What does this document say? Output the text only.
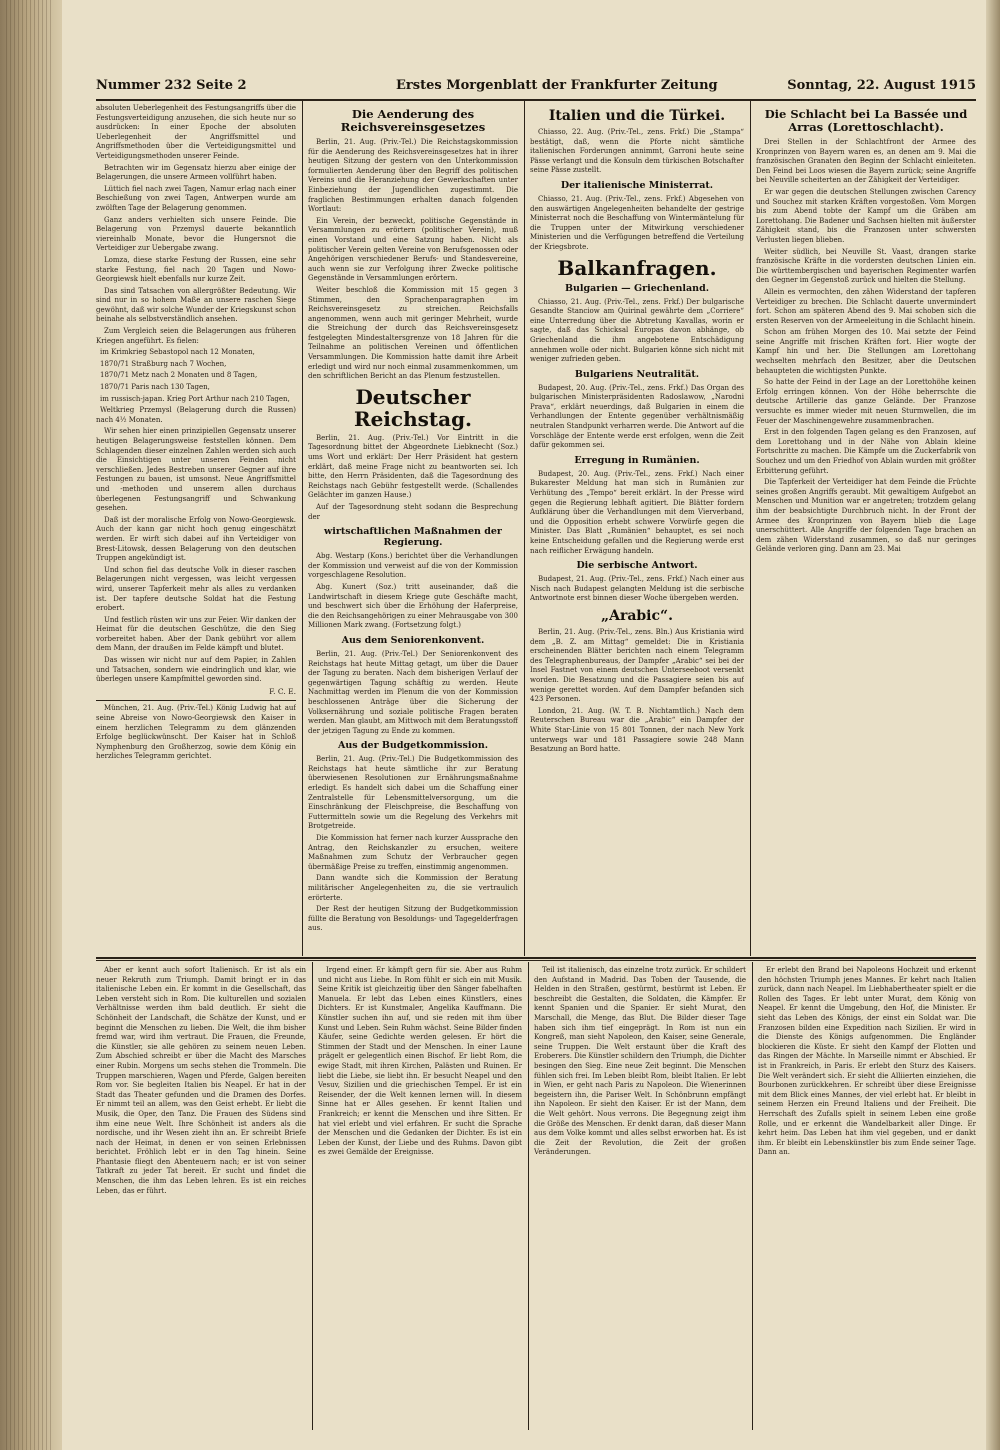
Nummer 232 Seite 2	Erstes Morgenblatt der Frankfurter Zeitung	Sonntag, 22. August 1915

absoluten Ueberlegenheit des Festungsangriffs über die Festungsverteidigung anzusehen, die sich heute nur so ausdrücken: In einer Epoche der absoluten Ueberlegenheit der Angriffsmittel und Angriffsmethoden über die Verteidigungsmittel und Verteidigungsmethoden unserer Feinde.

Betrachten wir im Gegensatz hierzu aber einige der Belagerungen, die unsere Armeen vollführt haben.

Lüttich fiel nach zwei Tagen, Namur erlag nach einer Beschießung von zwei Tagen, Antwerpen wurde am zwölften Tage der Belagerung genommen.

Ganz anders verhielten sich unsere Feinde. Die Belagerung von Przemysl dauerte bekanntlich viereinhalb Monate, bevor die Hungersnot die Verteidiger zur Uebergabe zwang.

Lomza, diese starke Festung der Russen, eine sehr starke Festung, fiel nach 20 Tagen und Nowo-Georgiewsk hielt ebenfalls nur kurze Zeit.

Das sind Tatsachen von allergrößter Bedeutung. Wir sind nur in so hohem Maße an unsere raschen Siege gewöhnt, daß wir solche Wunder der Kriegskunst schon beinahe als selbstverständlich ansehen.

Zum Vergleich seien die Belagerungen aus früheren Kriegen angeführt. Es fielen:

im Krimkrieg Sebastopol nach 12 Monaten,

1870/71 Straßburg nach 7 Wochen,

1870/71 Metz nach 2 Monaten und 8 Tagen,

1870/71 Paris nach 130 Tagen,

im russisch-japan. Krieg Port Arthur nach 210 Tagen,

Weltkrieg Przemysl (Belagerung durch die Russen) nach 4½ Monaten.

Wir sehen hier einen prinzipiellen Gegensatz unserer heutigen Belagerungsweise feststellen können. Dem Schlagenden dieser einzelnen Zahlen werden sich auch die Einsichtigen unter unseren Feinden nicht verschließen. Jedes Bestreben unserer Gegner auf ihre Festungen zu bauen, ist umsonst. Neue Angriffsmittel und -methoden und unserem allen durchaus überlegenen Festungsangriff und Schwankung gesehen.

Daß ist der moralische Erfolg von Nowo-Georgiewsk. Auch der kann gar nicht hoch genug eingeschätzt werden. Er wirft sich dabei auf ihn Verteidiger von Brest-Litowsk, dessen Belagerung von den deutschen Truppen angekündigt ist.

Und schon fiel das deutsche Volk in dieser raschen Belagerungen nicht vergessen, was leicht vergessen wird, unserer Tapferkeit mehr als alles zu verdanken ist. Der tapfere deutsche Soldat hat die Festung erobert.

Und festlich rüsten wir uns zur Feier. Wir danken der Heimat für die deutschen Geschütze, die den Sieg vorbereitet haben. Aber der Dank gebührt vor allem dem Mann, der draußen im Felde kämpft und blutet.

Das wissen wir nicht nur auf dem Papier, in Zahlen und Tatsachen, sondern wie eindringlich und klar, wie überlegen unsere Kampfmittel geworden sind.

F. C. E.

München, 21. Aug. (Priv.-Tel.) König Ludwig hat auf seine Abreise von Nowo-Georgiewsk den Kaiser in einem herzlichen Telegramm zu dem glänzenden Erfolge beglückwünscht. Der Kaiser hat in Schloß Nymphenburg den Großherzog, sowie dem König ein herzliches Telegramm gerichtet.

Die Aenderung des Reichsvereinsgesetzes

Berlin, 21. Aug. (Priv.-Tel.) Die Reichstagskommission für die Aenderung des Reichsvereinsgesetzes hat in ihrer heutigen Sitzung der gestern von den Unterkommission formulierten Aenderung über den Begriff des politischen Vereins und die Heranziehung der Gewerkschaften unter Einbeziehung der Jugendlichen zugestimmt. Die fraglichen Bestimmungen erhalten danach folgenden Wortlaut:

Ein Verein, der bezweckt, politische Gegenstände in Versammlungen zu erörtern (politischer Verein), muß einen Vorstand und eine Satzung haben. Nicht als politischer Verein gelten Vereine von Berufsgenossen oder Angehörigen verschiedener Berufs- und Standesvereine, auch wenn sie zur Verfolgung ihrer Zwecke politische Gegenstände in Versammlungen erörtern.

Weiter beschloß die Kommission mit 15 gegen 3 Stimmen, den Sprachenparagraphen im Reichsvereinsgesetz zu streichen. Reichsfalls angenommen, wenn auch mit geringer Mehrheit, wurde die Streichung der durch das Reichsvereinsgesetz festgelegten Mindestaltersgrenze von 18 Jahren für die Teilnahme an politischen Vereinen und öffentlichen Versammlungen. Die Kommission hatte damit ihre Arbeit erledigt und wird nur noch einmal zusammenkommen, um den schriftlichen Bericht an das Plenum festzustellen.

Deutscher Reichstag.

Berlin, 21. Aug. (Priv.-Tel.) Vor Eintritt in die Tagesordnung bittet der Abgeordnete Liebknecht (Soz.) ums Wort und erklärt: Der Herr Präsident hat gestern erklärt, daß meine Frage nicht zu beantworten sei. Ich bitte, den Herrn Präsidenten, daß die Tagesordnung des Reichstags nach Gebühr festgestellt werde. (Schallendes Gelächter im ganzen Hause.)

Auf der Tagesordnung steht sodann die Besprechung der

wirtschaftlichen Maßnahmen der Regierung.

Abg. Westarp (Kons.) berichtet über die Verhandlungen der Kommission und verweist auf die von der Kommission vorgeschlagene Resolution.

Abg. Kunert (Soz.) tritt auseinander, daß die Landwirtschaft in diesem Kriege gute Geschäfte macht, und beschwert sich über die Erhöhung der Haferpreise, die den Reichsangehörigen zu einer Mehrausgabe von 300 Millionen Mark zwang. (Fortsetzung folgt.)

Aus dem Seniorenkonvent.

Berlin, 21. Aug. (Priv.-Tel.) Der Seniorenkonvent des Reichstags hat heute Mittag getagt, um über die Dauer der Tagung zu beraten. Nach dem bisherigen Verlauf der gegenwärtigen Tagung schäftig zu werden. Heute Nachmittag werden im Plenum die von der Kommission beschlossenen Anträge über die Sicherung der Volksernährung und soziale politische Fragen beraten werden. Man glaubt, am Mittwoch mit dem Beratungsstoff der jetzigen Tagung zu Ende zu kommen.

Aus der Budgetkommission.

Berlin, 21. Aug. (Priv.-Tel.) Die Budgetkommission des Reichstags hat heute sämtliche ihr zur Beratung überwiesenen Resolutionen zur Ernährungsmaßnahme erledigt. Es handelt sich dabei um die Schaffung einer Zentralstelle für Lebensmittelversorgung, um die Einschränkung der Fleischpreise, die Beschaffung von Futtermitteln sowie um die Regelung des Verkehrs mit Brotgetreide.

Die Kommission hat ferner nach kurzer Aussprache den Antrag, den Reichskanzler zu ersuchen, weitere Maßnahmen zum Schutz der Verbraucher gegen übermäßige Preise zu treffen, einstimmig angenommen.

Dann wandte sich die Kommission der Beratung militärischer Angelegenheiten zu, die sie vertraulich erörterte.

Der Rest der heutigen Sitzung der Budgetkommission füllte die Beratung von Besoldungs- und Tagegelderfragen aus.

Italien und die Türkei.

Chiasso, 22. Aug. (Priv.-Tel., zens. Frkf.) Die „Stampa“ bestätigt, daß, wenn die Pforte nicht sämtliche italienischen Forderungen annimmt, Garroni heute seine Pässe verlangt und die Konsuln dem türkischen Botschafter seine Pässe zustellt.

Der italienische Ministerrat.

Chiasso, 21. Aug. (Priv.-Tel., zens. Frkf.) Abgesehen von den auswärtigen Angelegenheiten behandelte der gestrige Ministerrat noch die Beschaffung von Wintermäntelung für die Truppen unter der Mitwirkung verschiedener Ministerien und die Verfügungen betreffend die Verteilung der Kriegsbrote.

Balkanfragen.
Bulgarien — Griechenland.

Chiasso, 21. Aug. (Priv.-Tel., zens. Frkf.) Der bulgarische Gesandte Stanciow am Quirinal gewährte dem „Corriere“ eine Unterredung über die Abtretung Kavallas, worin er sagte, daß das Schicksal Europas davon abhänge, ob Griechenland die ihm angebotene Entschädigung annehmen wolle oder nicht. Bulgarien könne sich nicht mit weniger zufrieden geben.

Bulgariens Neutralität.

Budapest, 20. Aug. (Priv.-Tel., zens. Frkf.) Das Organ des bulgarischen Ministerpräsidenten Radoslawow, „Narodni Prava“, erklärt neuerdings, daß Bulgarien in einem die Verhandlungen der Entente gegenüber verhältnismäßig neutralen Standpunkt verharren werde. Die Antwort auf die Vorschläge der Entente werde erst erfolgen, wenn die Zeit dafür gekommen sei.

Erregung in Rumänien.

Budapest, 20. Aug. (Priv.-Tel., zens. Frkf.) Nach einer Bukarester Meldung hat man sich in Rumänien zur Verhütung des „Tempo“ bereit erklärt. In der Presse wird gegen die Regierung lebhaft agitiert. Die Blätter fordern Aufklärung über die Verhandlungen mit dem Vierverband, und die Opposition erhebt schwere Vorwürfe gegen die Minister. Das Blatt „Rumänien“ behauptet, es sei noch keine Entscheidung gefallen und die Regierung werde erst nach reiflicher Erwägung handeln.

Die serbische Antwort.

Budapest, 21. Aug. (Priv.-Tel., zens. Frkf.) Nach einer aus Nisch nach Budapest gelangten Meldung ist die serbische Antwortnote erst binnen dieser Woche übergeben werden.

„Arabic“.

Berlin, 21. Aug. (Priv.-Tel., zens. Bln.) Aus Kristiania wird dem „B. Z. am Mittag“ gemeldet: Die in Kristiania erscheinenden Blätter berichten nach einem Telegramm des Telegraphenbureaus, der Dampfer „Arabic“ sei bei der Insel Fastnet von einem deutschen Unterseeboot versenkt worden. Die Besatzung und die Passagiere seien bis auf wenige gerettet worden. Auf dem Dampfer befanden sich 423 Personen.

London, 21. Aug. (W. T. B. Nichtamtlich.) Nach dem Reuterschen Bureau war die „Arabic“ ein Dampfer der White Star-Linie von 15 801 Tonnen, der nach New York unterwegs war und 181 Passagiere sowie 248 Mann Besatzung an Bord hatte.

Die Schlacht bei La Bassée und Arras (Lorettoschlacht).

Drei Stellen in der Schlachtfront der Armee des Kronprinzen von Bayern waren es, an denen am 9. Mai die französischen Granaten den Beginn der Schlacht einleiteten. Den Feind bei Loos wiesen die Bayern zurück; seine Angriffe bei Neuville scheiterten an der Zähigkeit der Verteidiger.

Er war gegen die deutschen Stellungen zwischen Carency und Souchez mit starken Kräften vorgestoßen. Vom Morgen bis zum Abend tobte der Kampf um die Gräben am Lorettohang. Die Badener und Sachsen hielten mit äußerster Zähigkeit stand, bis die Franzosen unter schwersten Verlusten liegen blieben.

Weiter südlich, bei Neuville St. Vaast, drangen starke französische Kräfte in die vordersten deutschen Linien ein. Die württembergischen und bayerischen Regimenter warfen den Gegner im Gegenstoß zurück und hielten die Stellung.

Allein es vermochten, den zähen Widerstand der tapferen Verteidiger zu brechen. Die Schlacht dauerte unvermindert fort. Schon am späteren Abend des 9. Mai schoben sich die ersten Reserven von der Armeeleitung in die Schlacht hinein.

Schon am frühen Morgen des 10. Mai setzte der Feind seine Angriffe mit frischen Kräften fort. Hier wogte der Kampf hin und her. Die Stellungen am Lorettohang wechselten mehrfach den Besitzer, aber die Deutschen behaupteten die wichtigsten Punkte.

So hatte der Feind in der Lage an der Lorettohöhe keinen Erfolg erringen können. Von der Höhe beherrschte die deutsche Artillerie das ganze Gelände. Der Franzose versuchte es immer wieder mit neuen Sturmwellen, die im Feuer der Maschinengewehre zusammenbrachen.

Erst in den folgenden Tagen gelang es den Franzosen, auf dem Lorettohang und in der Nähe von Ablain kleine Fortschritte zu machen. Die Kämpfe um die Zuckerfabrik von Souchez und um den Friedhof von Ablain wurden mit größter Erbitterung geführt.

Die Tapferkeit der Verteidiger hat dem Feinde die Früchte seines großen Angriffs geraubt. Mit gewaltigem Aufgebot an Menschen und Munition war er angetreten; trotzdem gelang ihm der beabsichtigte Durchbruch nicht. In der Front der Armee des Kronprinzen von Bayern blieb die Lage unerschüttert. Alle Angriffe der folgenden Tage brachen an dem zähen Widerstand zusammen, so daß nur geringes Gelände verloren ging. Dann am 23. Mai

Aber er kennt auch sofort Italienisch. Er ist als ein neuer Rekruth zum Triumph. Damit bringt er in das italienische Leben ein. Er kommt in die Gesellschaft, das Leben versteht sich in Rom. Die kulturellen und sozialen Verhältnisse werden ihm bald deutlich. Er sieht die Schönheit der Landschaft, die Schätze der Kunst, und er beginnt die Menschen zu lieben. Die Welt, die ihm bisher fremd war, wird ihm vertraut. Die Frauen, die Freunde, die Künstler, sie alle gehören zu seinem neuen Leben. Zum Abschied schreibt er über die Macht des Marsches einer Rubin. Morgens um sechs stehen die Trommeln. Die Truppen marschieren, Wagen und Pferde, Galgen bereiten Rom vor. Sie begleiten Italien bis Neapel. Er hat in der Stadt das Theater gefunden und die Dramen des Dorfes. Er nimmt teil an allem, was den Geist erhebt. Er liebt die Musik, die Oper, den Tanz. Die Frauen des Südens sind ihm eine neue Welt. Ihre Schönheit ist anders als die nordische, und ihr Wesen zieht ihn an. Er schreibt Briefe nach der Heimat, in denen er von seinen Erlebnissen berichtet. Fröhlich lebt er in den Tag hinein. Seine Phantasie fliegt den Abenteuern nach; er ist von seiner Tatkraft zu jeder Tat bereit. Er sucht und findet die Menschen, die ihm das Leben lehren. Es ist ein reiches Leben, das er führt.

Irgend einer. Er kämpft gern für sie. Aber aus Ruhm und nicht aus Liebe. In Rom fühlt er sich ein mit Musik. Seine Kritik ist gleichzeitig über den Sänger fabelhaften Manuela. Er lebt das Leben eines Künstlers, eines Dichters. Er ist Kunstmaler, Angelika Kauffmann. Die Künstler suchen ihn auf, und sie reden mit ihm über Kunst und Leben. Sein Ruhm wächst. Seine Bilder finden Käufer, seine Gedichte werden gelesen. Er hört die Stimmen der Stadt und der Menschen. In einer Laune prägelt er gelegentlich einen Bischof. Er liebt Rom, die ewige Stadt, mit ihren Kirchen, Palästen und Ruinen. Er liebt die Liebe, sie liebt ihn. Er besucht Neapel und den Vesuv, Sizilien und die griechischen Tempel. Er ist ein Reisender, der die Welt kennen lernen will. In diesem Sinne hat er Alles gesehen. Er kennt Italien und Frankreich; er kennt die Menschen und ihre Sitten. Er hat viel erlebt und viel erfahren. Er sucht die Sprache der Menschen und die Gedanken der Dichter. Es ist ein Leben der Kunst, der Liebe und des Ruhms. Davon gibt es zwei Gemälde der Ereignisse.

Teil ist italienisch, das einzelne trotz zurück. Er schildert den Aufstand in Madrid. Das Toben der Tausende, die Helden in den Straßen, gestürmt, bestürmt ist Leben. Er beschreibt die Gestalten, die Soldaten, die Kämpfer. Er kennt Spanien und die Spanier. Er sieht Murat, den Marschall, die Menge, das Blut. Die Bilder dieser Tage haben sich ihm tief eingeprägt. In Rom ist nun ein Kongreß, man sieht Napoleon, den Kaiser, seine Generale, seine Truppen. Die Welt erstaunt über die Kraft des Eroberers. Die Künstler schildern den Triumph, die Dichter besingen den Sieg. Eine neue Zeit beginnt. Die Menschen fühlen sich frei. Im Leben bleibt Rom, bleibt Italien. Er lebt in Wien, er geht nach Paris zu Napoleon. Die Wienerinnen begeistern ihn, die Pariser Welt. In Schönbrunn empfängt ihn Napoleon. Er sieht den Kaiser. Er ist der Mann, dem die Welt gehört. Nous verrons. Die Begegnung zeigt ihm die Größe des Menschen. Er denkt daran, daß dieser Mann aus dem Volke kommt und alles selbst erworben hat. Es ist die Zeit der Revolution, die Zeit der großen Veränderungen.

Er erlebt den Brand bei Napoleons Hochzeit und erkennt den höchsten Triumph jenes Mannes. Er kehrt nach Italien zurück, dann nach Neapel. Im Liebhabertheater spielt er die Rollen des Tages. Er lebt unter Murat, dem König von Neapel. Er kennt die Umgebung, den Hof, die Minister. Er sieht das Leben des Königs, der einst ein Soldat war. Die Franzosen bilden eine Expedition nach Sizilien. Er wird in die Dienste des Königs aufgenommen. Die Engländer blockieren die Küste. Er sieht den Kampf der Flotten und das Ringen der Mächte. In Marseille nimmt er Abschied. Er ist in Frankreich, in Paris. Er erlebt den Sturz des Kaisers. Die Welt verändert sich. Er sieht die Alliierten einziehen, die Bourbonen zurückkehren. Er schreibt über diese Ereignisse mit dem Blick eines Mannes, der viel erlebt hat. Er bleibt in seinem Herzen ein Freund Italiens und der Freiheit. Die Herrschaft des Zufalls spielt in seinem Leben eine große Rolle, und er erkennt die Wandelbarkeit aller Dinge. Er kehrt heim. Das Leben hat ihm viel gegeben, und er dankt ihm. Er bleibt ein Lebenskünstler bis zum Ende seiner Tage. Dann an.
